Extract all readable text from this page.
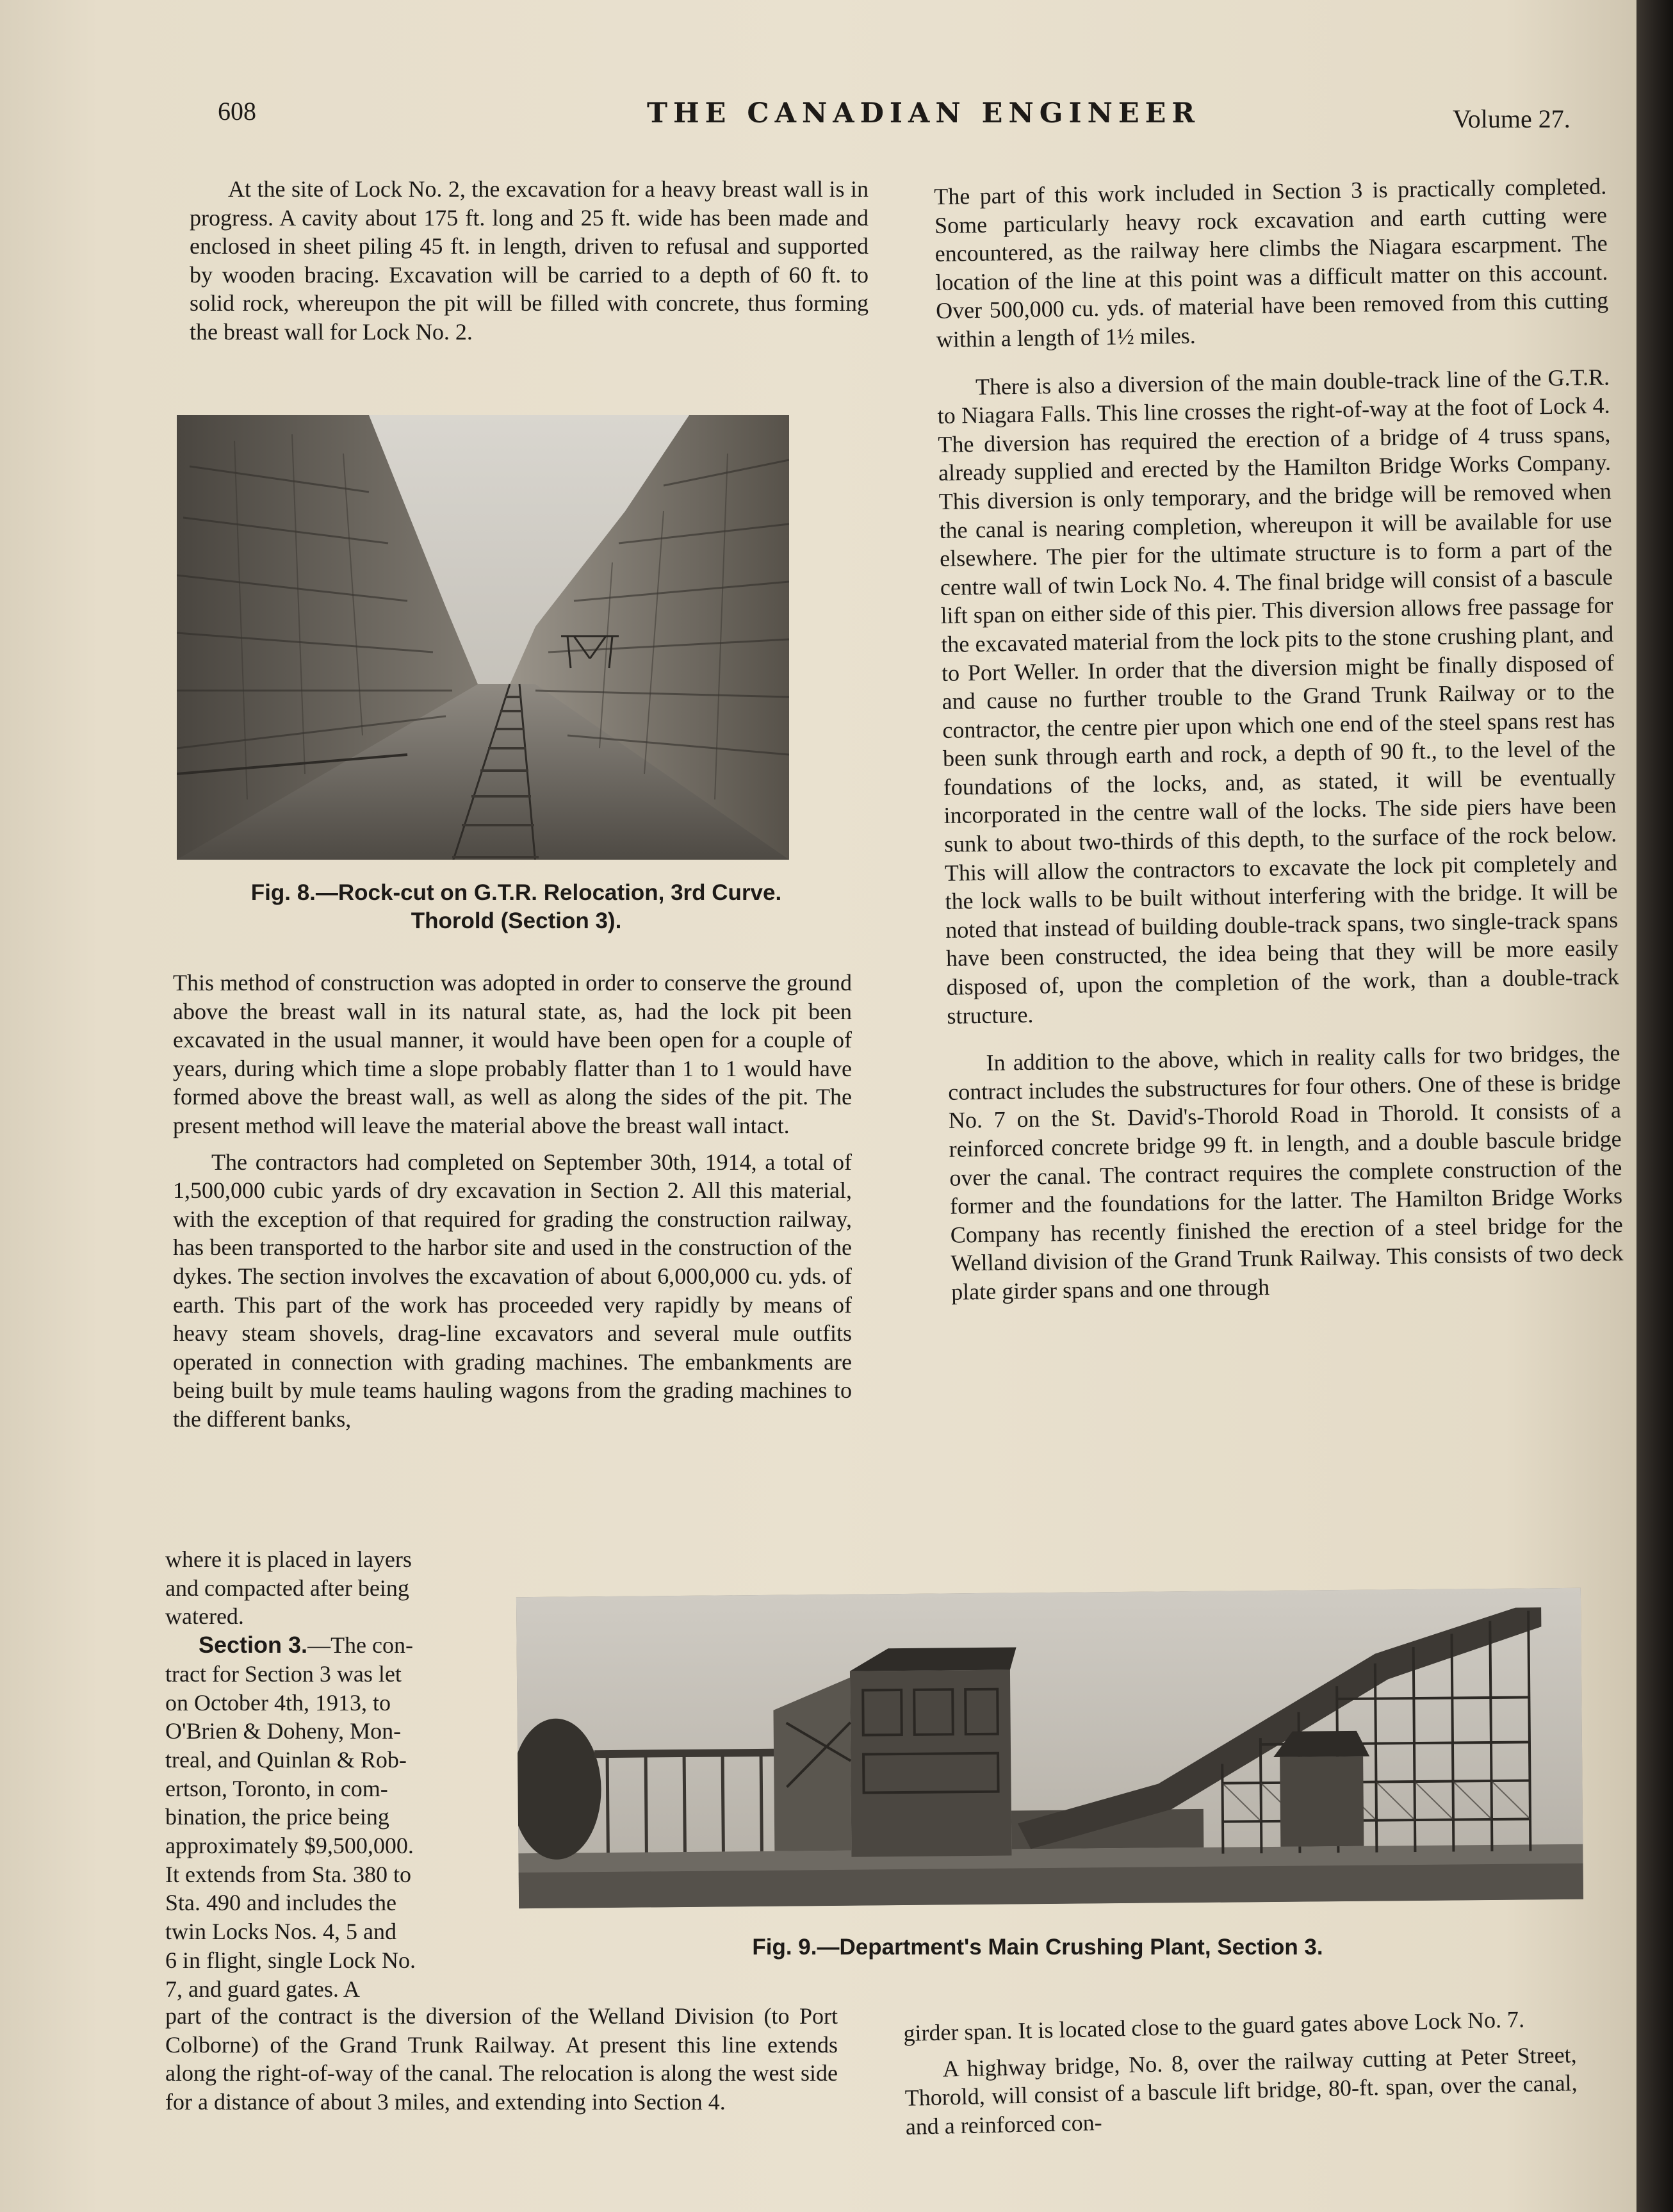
608	THE CANADIAN ENGINEER	Volume 27.

At the site of Lock No. 2, the excavation for a heavy breast wall is in progress. A cavity about 175 ft. long and 25 ft. wide has been made and enclosed in sheet piling 45 ft. in length, driven to refusal and supported by wooden bracing. Excavation will be carried to a depth of 60 ft. to solid rock, whereupon the pit will be filled with concrete, thus forming the breast wall for Lock No. 2.

Fig. 8.—Rock-cut on G.T.R. Relocation, 3rd Curve.
Thorold (Section 3).

This method of construction was adopted in order to conserve the ground above the breast wall in its natural state, as, had the lock pit been excavated in the usual manner, it would have been open for a couple of years, during which time a slope probably flatter than 1 to 1 would have formed above the breast wall, as well as along the sides of the pit. The present method will leave the material above the breast wall intact.

The contractors had completed on September 30th, 1914, a total of 1,500,000 cubic yards of dry excavation in Section 2. All this material, with the exception of that required for grading the construction railway, has been transported to the harbor site and used in the construction of the dykes. The section involves the excavation of about 6,000,000 cu. yds. of earth. This part of the work has proceeded very rapidly by means of heavy steam shovels, drag-line excavators and several mule outfits operated in connection with grading machines. The embankments are being built by mule teams hauling wagons from the grading machines to the different banks,

where it is placed in layers
and compacted after being
watered.
Section 3.—The con-
tract for Section 3 was let
on October 4th, 1913, to
O'Brien & Doheny, Mon-
treal, and Quinlan & Rob-
ertson, Toronto, in com-
bination, the price being
approximately $9,500,000.
It extends from Sta. 380 to
Sta. 490 and includes the
twin Locks Nos. 4, 5 and
6 in flight, single Lock No.
7, and guard gates. A
Fig. 9.—Department's Main Crushing Plant, Section 3.

part of the contract is the diversion of the Welland Division (to Port Colborne) of the Grand Trunk Railway. At present this line extends along the right-of-way of the canal. The relocation is along the west side for a distance of about 3 miles, and extending into Section 4.

The part of this work included in Section 3 is practically completed. Some particularly heavy rock excavation and earth cutting were encountered, as the railway here climbs the Niagara escarpment. The location of the line at this point was a difficult matter on this account. Over 500,000 cu. yds. of material have been removed from this cutting within a length of 1½ miles.

There is also a diversion of the main double-track line of the G.T.R. to Niagara Falls. This line crosses the right-of-way at the foot of Lock 4. The diversion has required the erection of a bridge of 4 truss spans, already supplied and erected by the Hamilton Bridge Works Company. This diversion is only temporary, and the bridge will be removed when the canal is nearing completion, whereupon it will be available for use elsewhere. The pier for the ultimate structure is to form a part of the centre wall of twin Lock No. 4. The final bridge will consist of a bascule lift span on either side of this pier. This diversion allows free passage for the excavated material from the lock pits to the stone crushing plant, and to Port Weller. In order that the diversion might be finally disposed of and cause no further trouble to the Grand Trunk Railway or to the contractor, the centre pier upon which one end of the steel spans rest has been sunk through earth and rock, a depth of 90 ft., to the level of the foundations of the locks, and, as stated, it will be eventually incorporated in the centre wall of the locks. The side piers have been sunk to about two-thirds of this depth, to the surface of the rock below. This will allow the contractors to excavate the lock pit completely and the lock walls to be built without interfering with the bridge. It will be noted that instead of building double-track spans, two single-track spans have been constructed, the idea being that they will be more easily disposed of, upon the completion of the work, than a double-track structure.

In addition to the above, which in reality calls for two bridges, the contract includes the substructures for four others. One of these is bridge No. 7 on the St. David's-Thorold Road in Thorold. It consists of a reinforced concrete bridge 99 ft. in length, and a double bascule bridge over the canal. The contract requires the complete construction of the former and the foundations for the latter. The Hamilton Bridge Works Company has recently finished the erection of a steel bridge for the Welland division of the Grand Trunk Railway. This consists of two deck plate girder spans and one through

girder span. It is located close to the guard gates above Lock No. 7.

A highway bridge, No. 8, over the railway cutting at Peter Street, Thorold, will consist of a bascule lift bridge, 80-ft. span, over the canal, and a reinforced con-
